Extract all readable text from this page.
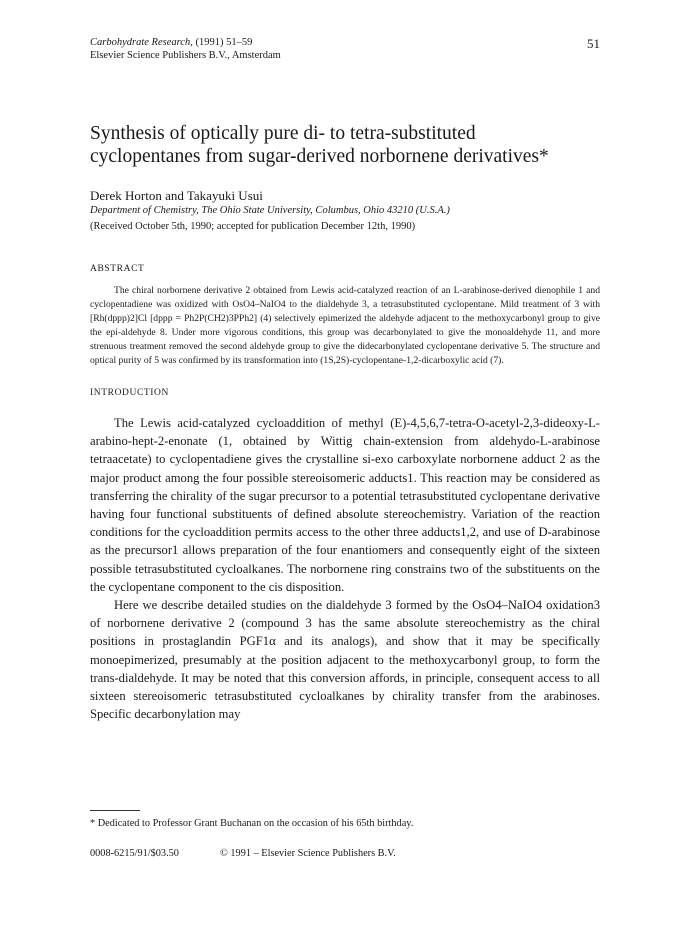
51
Carbohydrate Research, (1991) 51–59
Elsevier Science Publishers B.V., Amsterdam
Synthesis of optically pure di- to tetra-substituted
cyclopentanes from sugar-derived norbornene derivatives*
Derek Horton and Takayuki Usui
Department of Chemistry, The Ohio State University, Columbus, Ohio 43210 (U.S.A.)
(Received October 5th, 1990; accepted for publication December 12th, 1990)
ABSTRACT
The chiral norbornene derivative 2 obtained from Lewis acid-catalyzed reaction of an L-arabinose-derived dienophile 1 and cyclopentadiene was oxidized with OsO4–NaIO4 to the dialdehyde 3, a tetrasubstituted cyclopentane. Mild treatment of 3 with [Rh(dppp)2]Cl [dppp = Ph2P(CH2)3PPh2] (4) selectively epimerized the aldehyde adjacent to the methoxycarbonyl group to give the epi-aldehyde 8. Under more vigorous conditions, this group was decarbonylated to give the monoaldehyde 11, and more strenuous treatment removed the second aldehyde group to give the didecarbonylated cyclopentane derivative 5. The structure and optical purity of 5 was confirmed by its transformation into (1S,2S)-cyclopentane-1,2-dicarboxylic acid (7).
INTRODUCTION

The Lewis acid-catalyzed cycloaddition of methyl (E)-4,5,6,7-tetra-O-acetyl-2,3-dideoxy-L-arabino-hept-2-enonate (1, obtained by Wittig chain-extension from aldehydo-L-arabinose tetraacetate) to cyclopentadiene gives the crystalline si-exo carboxylate norbornene adduct 2 as the major product among the four possible stereoisomeric adducts1. This reaction may be considered as transferring the chirality of the sugar precursor to a potential tetrasubstituted cyclopentane derivative having four functional substituents of defined absolute stereochemistry. Variation of the reaction conditions for the cycloaddition permits access to the other three adducts1,2, and use of D-arabinose as the precursor1 allows preparation of the four enantiomers and consequently eight of the sixteen possible tetrasubstituted cycloalkanes. The norbornene ring constrains two of the substituents on the the cyclopentane component to the cis disposition.

Here we describe detailed studies on the dialdehyde 3 formed by the OsO4–NaIO4 oxidation3 of norbornene derivative 2 (compound 3 has the same absolute stereochemistry as the chiral positions in prostaglandin PGF1α and its analogs), and show that it may be specifically monoepimerized, presumably at the position adjacent to the methoxycarbonyl group, to form the trans-dialdehyde. It may be noted that this conversion affords, in principle, consequent access to all sixteen stereoisomeric tetrasubstituted cycloalkanes by chirality transfer from the arabinoses. Specific decarbonylation may

* Dedicated to Professor Grant Buchanan on the occasion of his 65th birthday.
0008-6215/91/$03.50	© 1991 – Elsevier Science Publishers B.V.
